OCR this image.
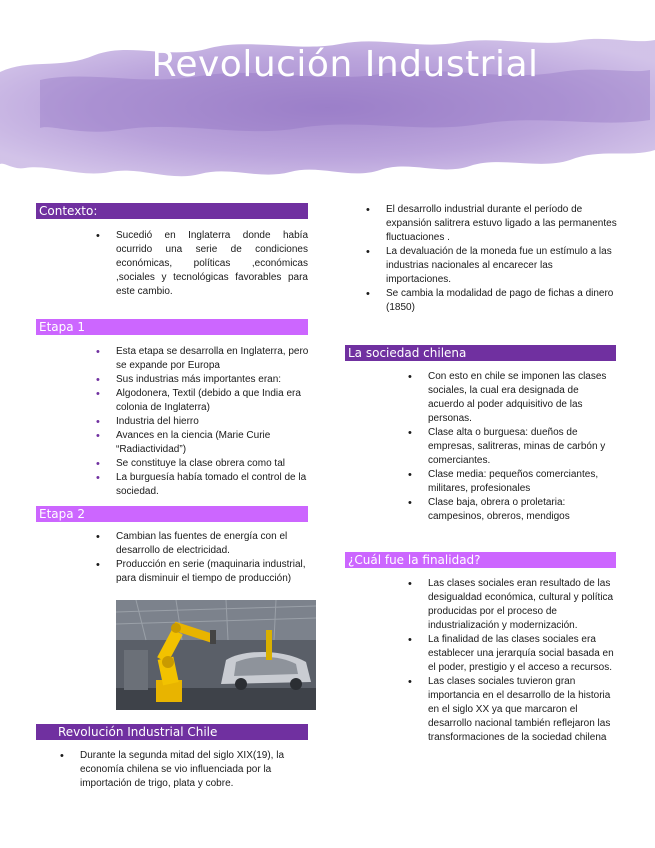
Revolución Industrial
Contexto:
• Sucedió en Inglaterra donde había ocurrido una serie de condiciones económicas, políticas ,económicas ,sociales y tecnológicas favorables para este cambio.
Etapa 1
• Esta etapa se desarrolla en Inglaterra, pero se expande por Europa
• Sus industrias más importantes eran:
• Algodonera, Textil (debido a que India era colonia de Inglaterra)
• Industria del hierro
• Avances en la ciencia (Marie Curie “Radiactividad”)
• Se constituye la clase obrera como tal
• La burguesía había tomado el control de la sociedad.
Etapa 2
• Cambian las fuentes de energía con el desarrollo de electricidad.
• Producción en serie (maquinaria industrial, para disminuir el tiempo de producción)
Revolución Industrial Chile
• Durante la segunda mitad del siglo XIX(19), la economía chilena se vio influenciada por la importación de trigo, plata y cobre.
• El desarrollo industrial durante el período de expansión salitrera estuvo ligado a las permanentes fluctuaciones .
• La devaluación de la moneda fue un estímulo a las industrias nacionales al encarecer las importaciones.
• Se cambia la modalidad de pago de fichas a dinero (1850)
La sociedad chilena
• Con esto en chile se imponen las clases sociales, la cual era designada de acuerdo al poder adquisitivo de las personas.
• Clase alta o burguesa: dueños de empresas, salitreras, minas de carbón y comerciantes.
• Clase media: pequeños comerciantes, militares, profesionales
• Clase baja, obrera o proletaria: campesinos, obreros, mendigos
¿Cuál fue la finalidad?
• Las clases sociales eran resultado de las desigualdad económica, cultural y política producidas por el proceso de industrialización y modernización.
• La finalidad de las clases sociales era establecer una jerarquía social basada en el poder, prestigio y el acceso a recursos.
• Las clases sociales tuvieron gran importancia en el desarrollo de la historia en el siglo XX ya que marcaron el desarrollo nacional también reflejaron las transformaciones de la sociedad chilena
